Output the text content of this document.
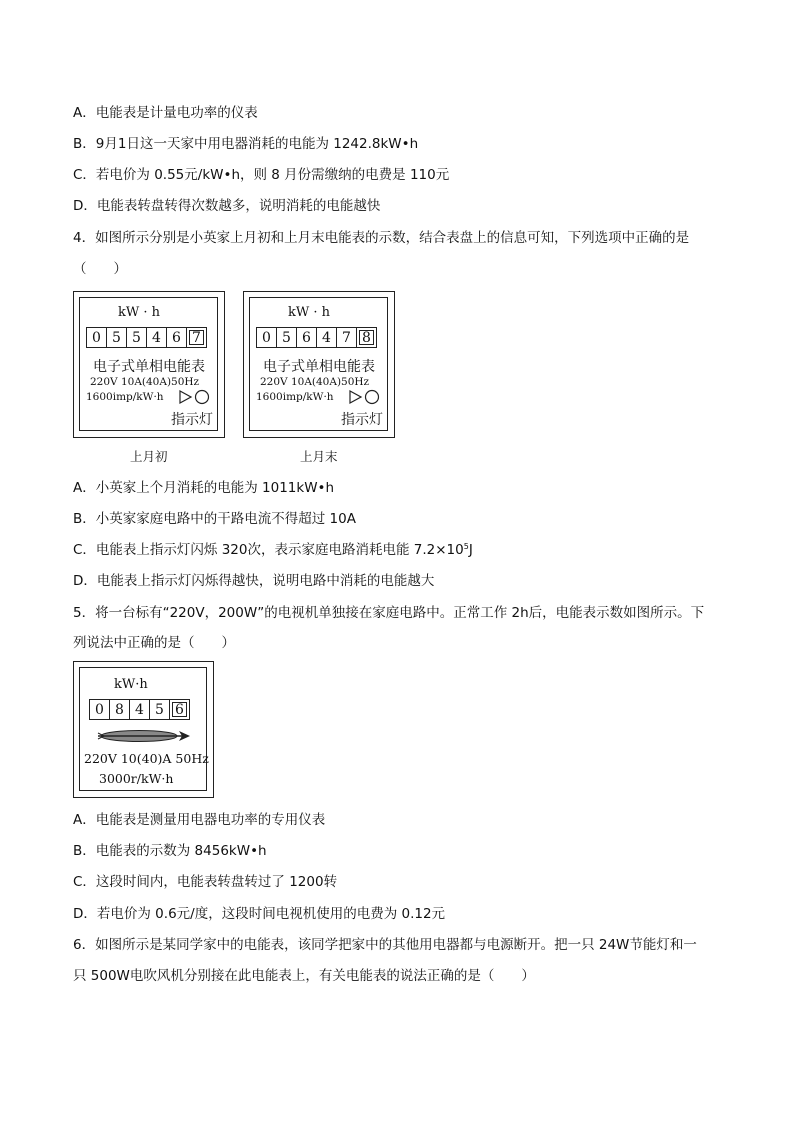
A．电能表是计量电功率的仪表
B．9月1日这一天家中用电器消耗的电能为 1242.8kW•h
C．若电价为 0.55元/kW•h，则 8 月份需缴纳的电费是 110元
D．电能表转盘转得次数越多，说明消耗的电能越快
4．如图所示分别是小英家上月初和上月末电能表的示数，结合表盘上的信息可知，下列选项中正确的是
（　　）
kW · h
0 5 5 4 6 7
电子式单相电能表
220V 10A(40A)50Hz
1600imp/kW·h
指示灯
上月初
kW · h
0 5 6 4 7 8
电子式单相电能表
220V 10A(40A)50Hz
1600imp/kW·h
指示灯
上月末
A．小英家上个月消耗的电能为 1011kW•h
B．小英家家庭电路中的干路电流不得超过 10A
C．电能表上指示灯闪烁 320次，表示家庭电路消耗电能 $7.2\times 10^5J$
D．电能表上指示灯闪烁得越快，说明电路中消耗的电能越大
5．将一台标有“220V，200W”的电视机单独接在家庭电路中。正常工作 2h后，电能表示数如图所示。下
列说法中正确的是（　　）
kW·h
0 8 4 5 6
220V 10(40)A 50Hz
3000r/kW·h
A．电能表是测量用电器电功率的专用仪表
B．电能表的示数为 8456kW•h
C．这段时间内，电能表转盘转过了 1200转
D．若电价为 0.6元/度，这段时间电视机使用的电费为 0.12元
6．如图所示是某同学家中的电能表，该同学把家中的其他用电器都与电源断开。把一只 24W节能灯和一
只 500W电吹风机分别接在此电能表上，有关电能表的说法正确的是（　　）
